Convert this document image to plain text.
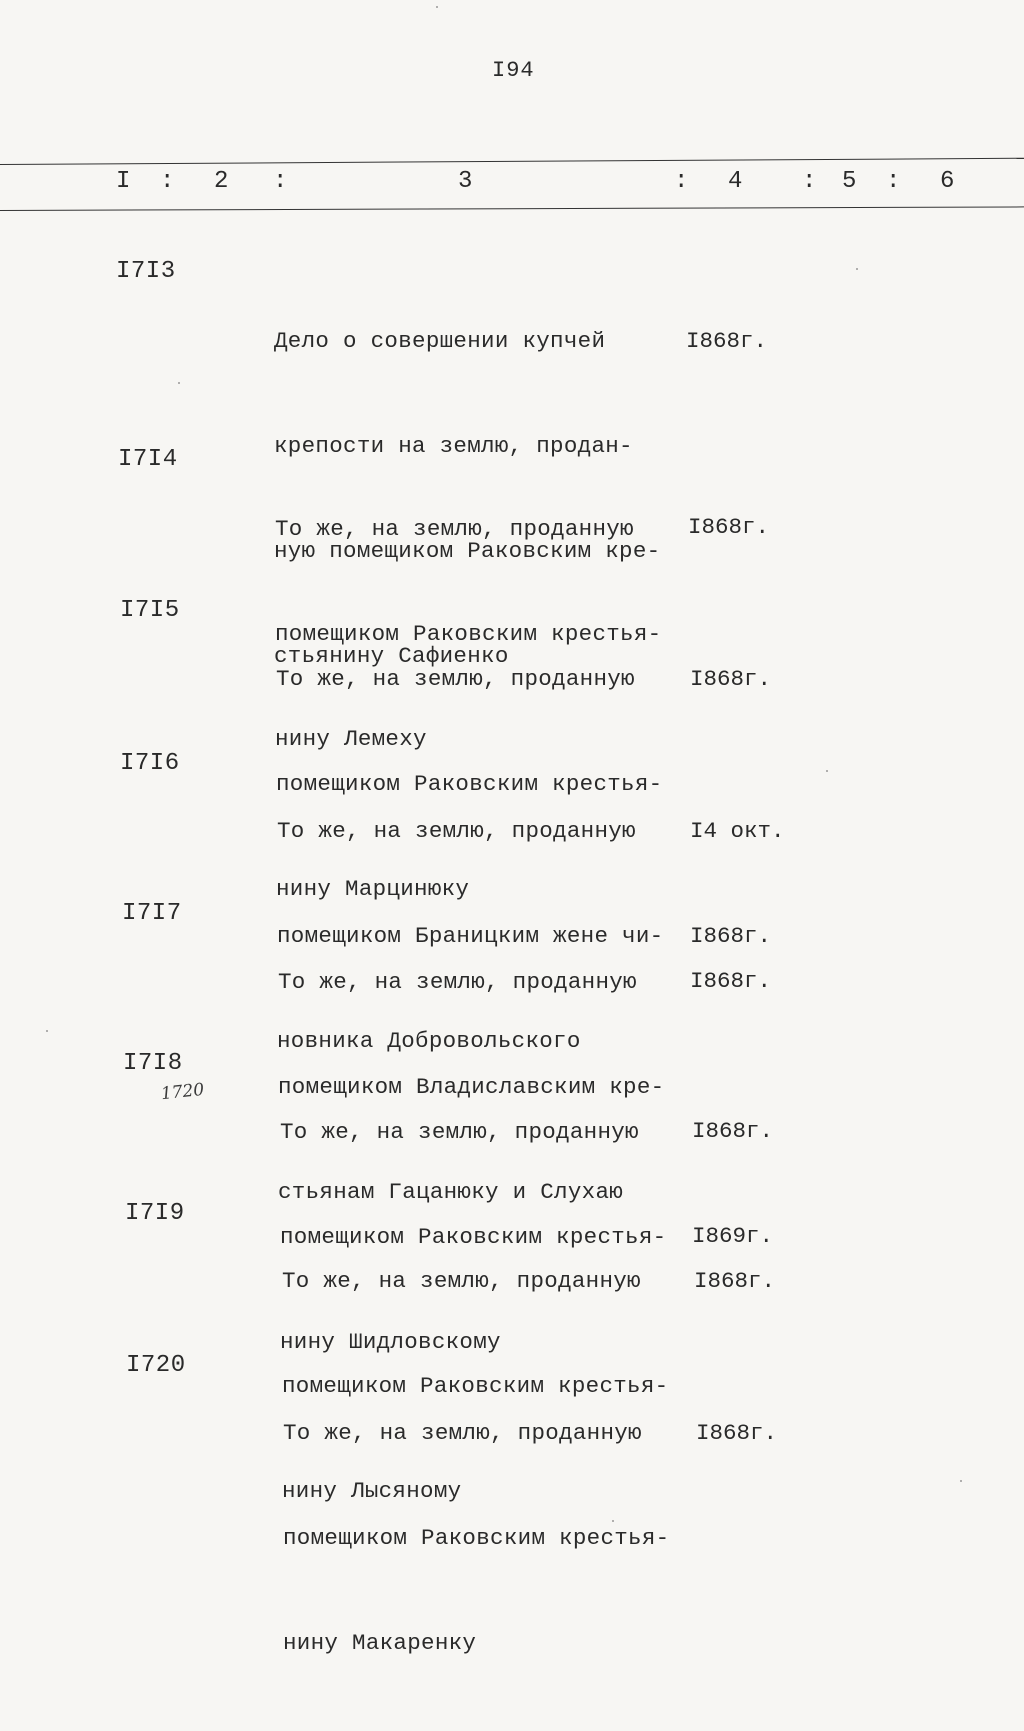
I94
I : 2 :	3	: 4 : 5 : 6
I7I3

Дело о совершении купчей

крепости на землю, продан-

ную помещиком Раковским кре-

стьянину Сафиенко

I868г.

I7I4

То же, на землю, проданную

помещиком Раковским крестья-

нину Лемеху

I868г.

I7I5

То же, на землю, проданную

помещиком Раковским крестья-

нину Марцинюку

I868г.

I7I6

То же, на землю, проданную

помещиком Браницким жене чи-

новника Добровольского

I4 окт.

I868г.

I7I7

То же, на землю, проданную

помещиком Владиславским кре-

стьянам Гацанюку и Слухаю

I868г.

I7I8

То же, на землю, проданную

помещиком Раковским крестья-

нину Шидловскому

I868г.

I869г.

1720
I7I9

То же, на землю, проданную

помещиком Раковским крестья-

нину Лысяному

I868г.

I720

То же, на землю, проданную

помещиком Раковским крестья-

нину Макаренку

I868г.
